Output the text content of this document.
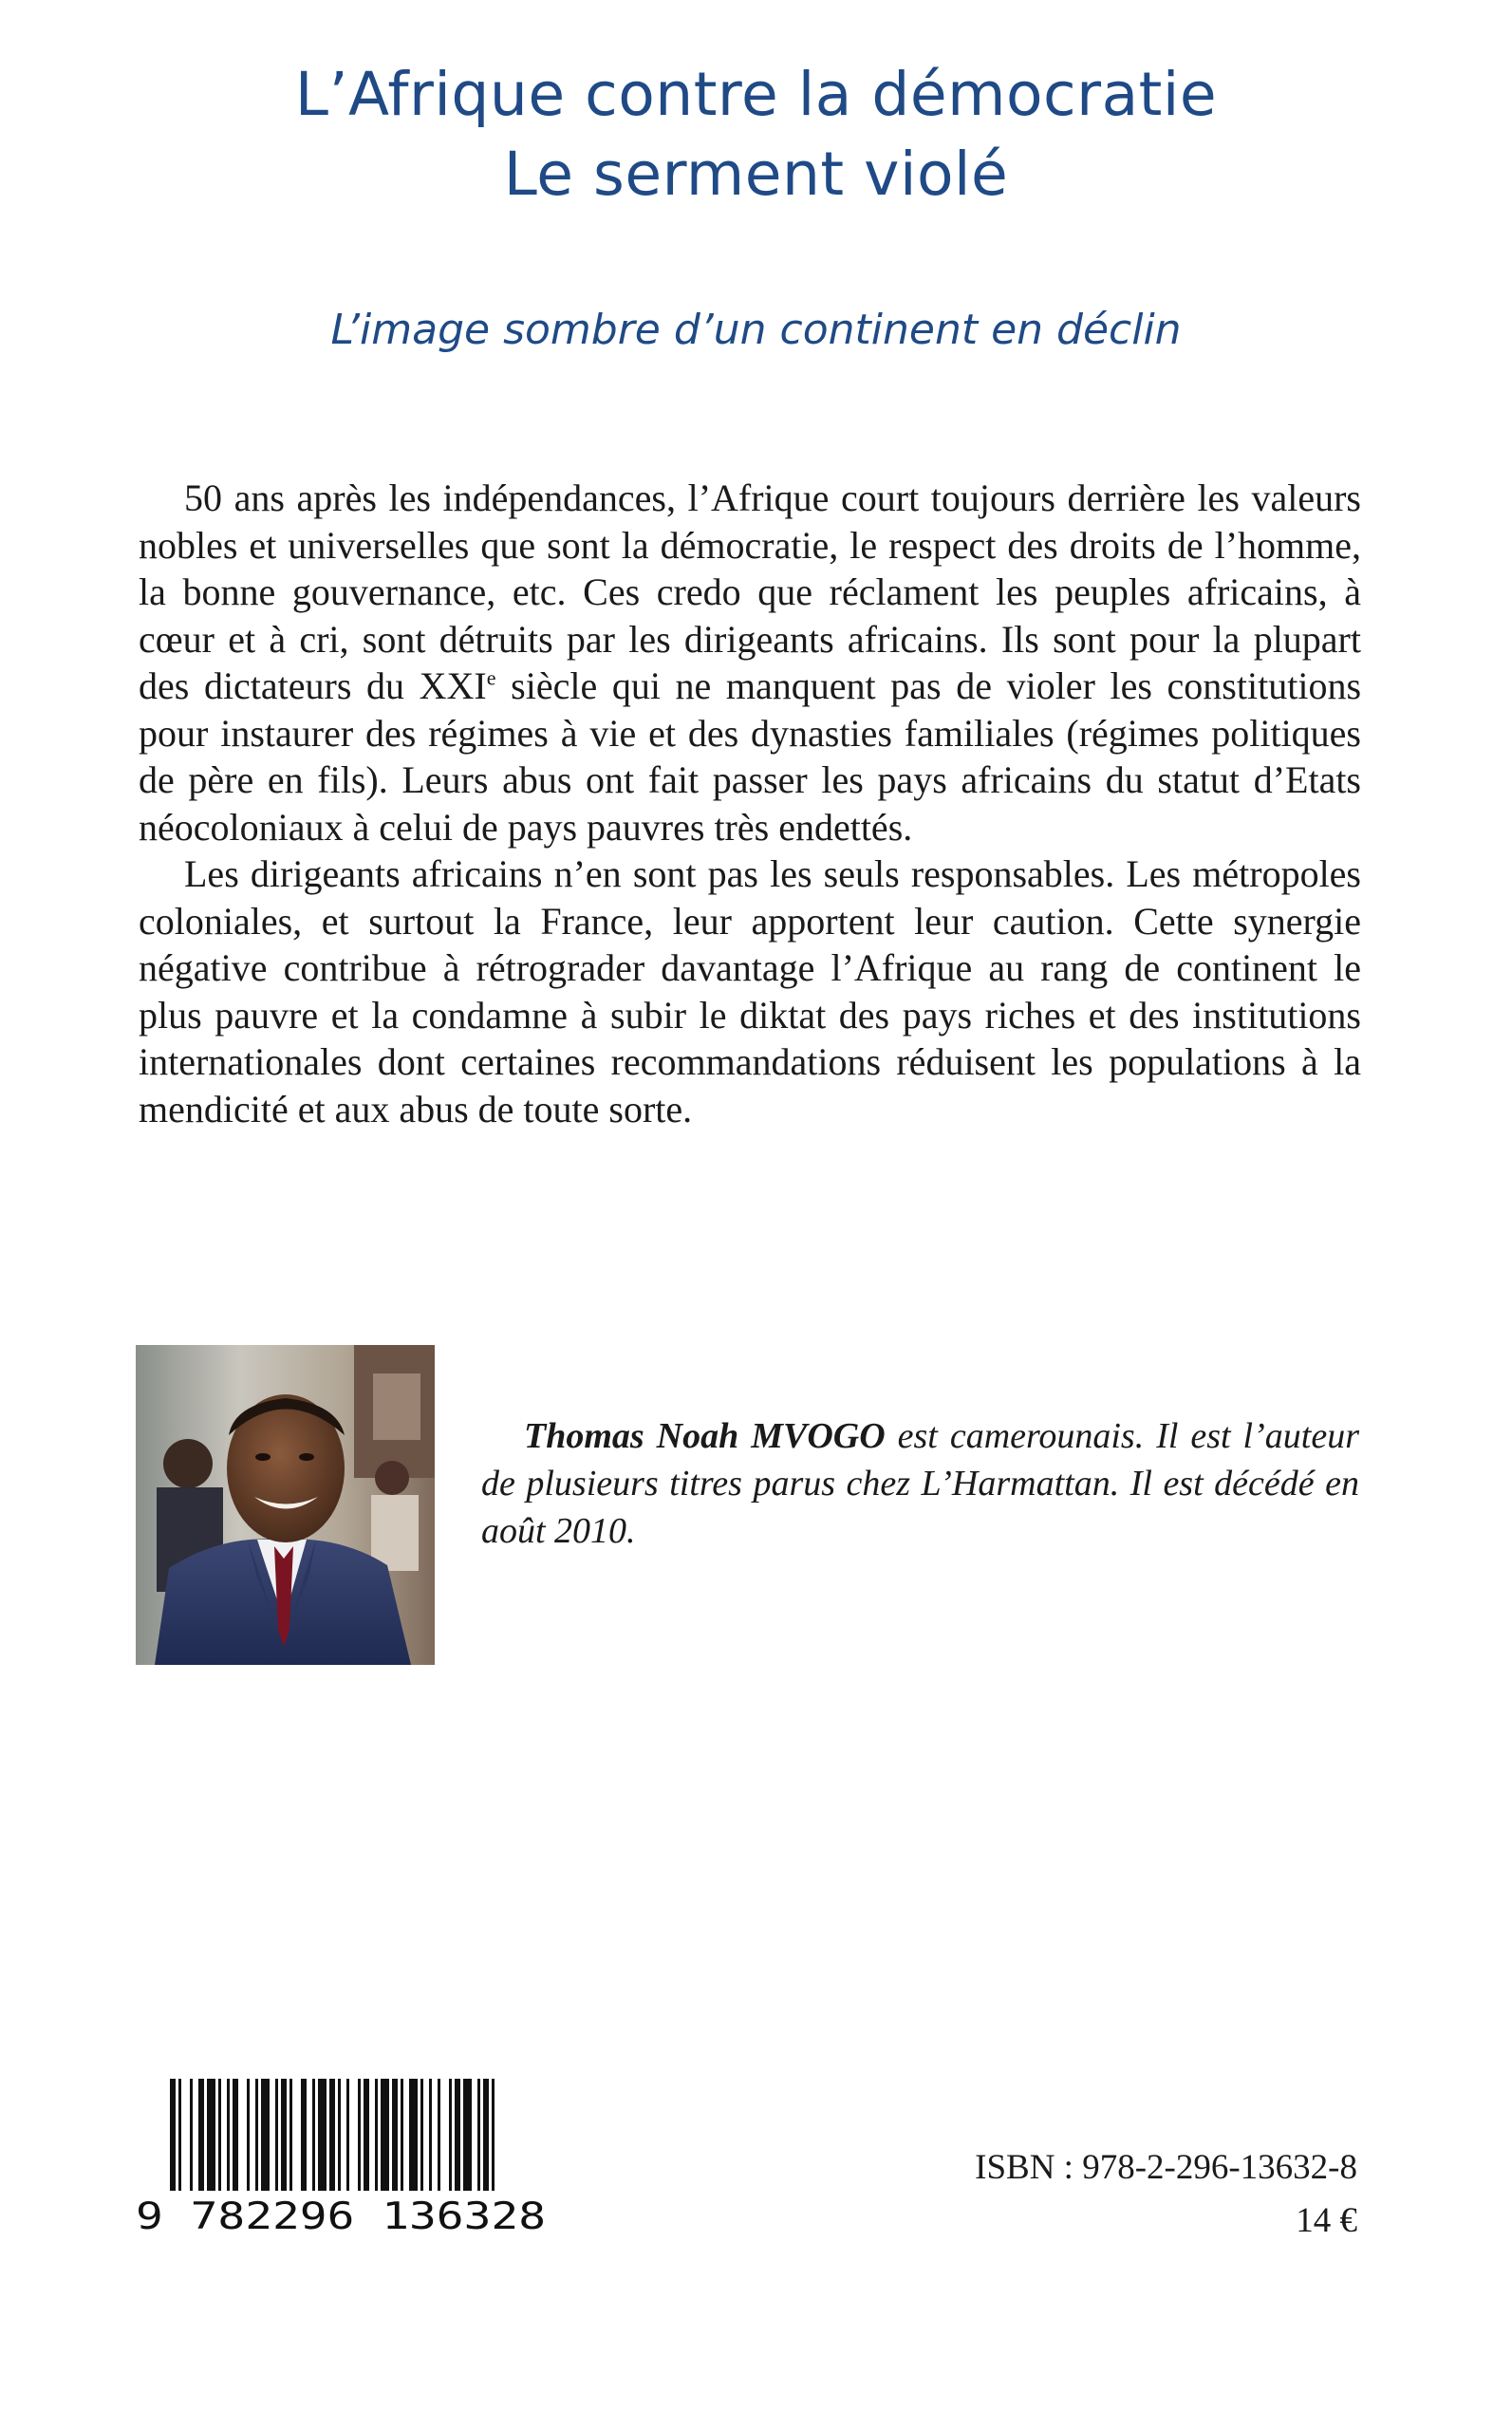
L’Afrique contre la démocratie
Le serment violé
L’image sombre d’un continent en déclin

50 ans après les indépendances, l’Afrique court toujours derrière les valeurs nobles et universelles que sont la démocratie, le respect des droits de l’homme, la bonne gouvernance, etc. Ces credo que réclament les peuples africains, à cœur et à cri, sont détruits par les dirigeants africains. Ils sont pour la plupart des dictateurs du XXIe siècle qui ne manquent pas de violer les constitutions pour instaurer des régimes à vie et des dynasties familiales (régimes politiques de père en fils). Leurs abus ont fait passer les pays africains du statut d’Etats néocoloniaux à celui de pays pauvres très endettés.

Les dirigeants africains n’en sont pas les seuls responsables. Les métropoles coloniales, et surtout la France, leur apportent leur caution. Cette synergie négative contribue à rétrograder davantage l’Afrique au rang de continent le plus pauvre et la condamne à subir le diktat des pays riches et des institutions internationales dont certaines recommandations réduisent les populations à la mendicité et aux abus de toute sorte.

Thomas Noah MVOGO est camerounais. Il est l’auteur de plusieurs titres parus chez L’Harmattan. Il est décédé en août 2010.
9 782296 136328
ISBN : 978-2-296-13632-8
14 €
